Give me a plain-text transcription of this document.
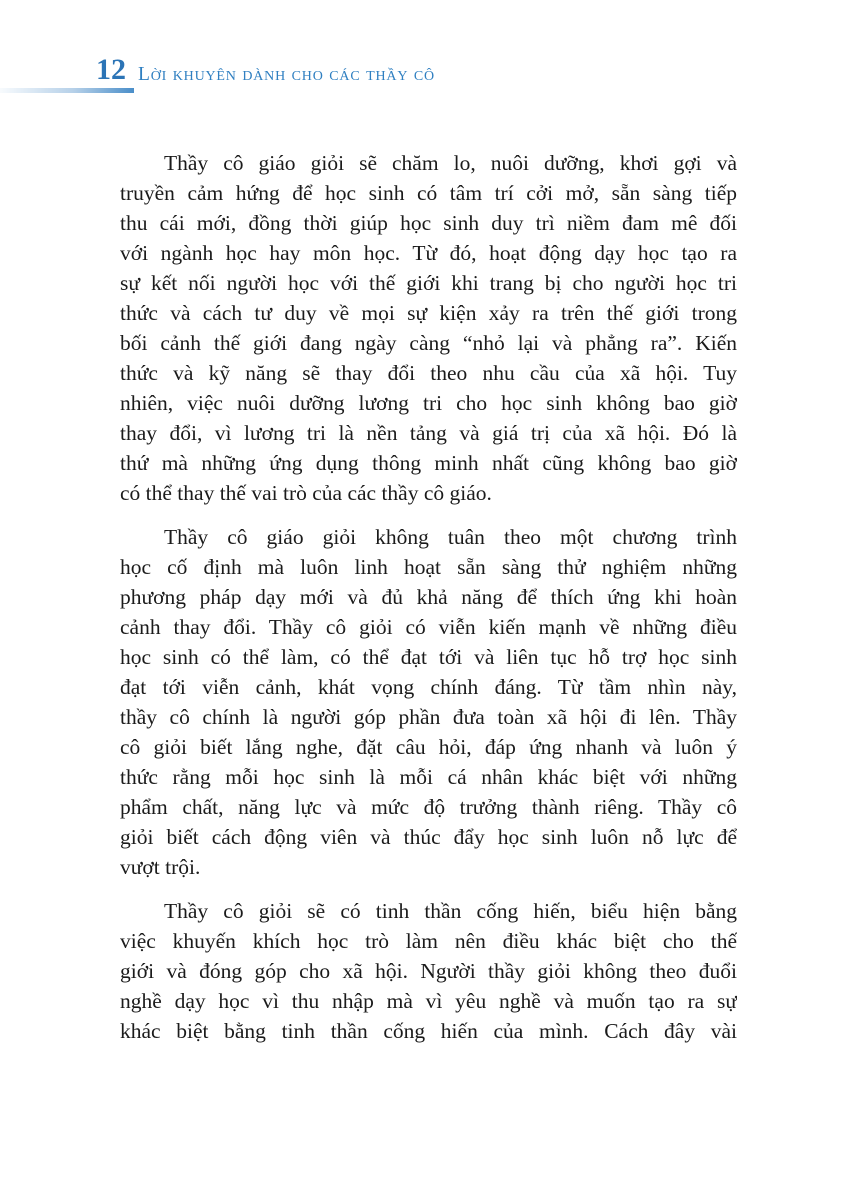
12 Lời khuyên dành cho các thầy cô
Thầy cô giáo giỏi sẽ chăm lo, nuôi dưỡng, khơi gợi và
truyền cảm hứng để học sinh có tâm trí cởi mở, sẵn sàng tiếp
thu cái mới, đồng thời giúp học sinh duy trì niềm đam mê đối
với ngành học hay môn học. Từ đó, hoạt động dạy học tạo ra
sự kết nối người học với thế giới khi trang bị cho người học tri
thức và cách tư duy về mọi sự kiện xảy ra trên thế giới trong
bối cảnh thế giới đang ngày càng “nhỏ lại và phẳng ra”. Kiến
thức và kỹ năng sẽ thay đổi theo nhu cầu của xã hội. Tuy
nhiên, việc nuôi dưỡng lương tri cho học sinh không bao giờ
thay đổi, vì lương tri là nền tảng và giá trị của xã hội. Đó là
thứ mà những ứng dụng thông minh nhất cũng không bao giờ
có thể thay thế vai trò của các thầy cô giáo.
Thầy cô giáo giỏi không tuân theo một chương trình
học cố định mà luôn linh hoạt sẵn sàng thử nghiệm những
phương pháp dạy mới và đủ khả năng để thích ứng khi hoàn
cảnh thay đổi. Thầy cô giỏi có viễn kiến mạnh về những điều
học sinh có thể làm, có thể đạt tới và liên tục hỗ trợ học sinh
đạt tới viễn cảnh, khát vọng chính đáng. Từ tầm nhìn này,
thầy cô chính là người góp phần đưa toàn xã hội đi lên. Thầy
cô giỏi biết lắng nghe, đặt câu hỏi, đáp ứng nhanh và luôn ý
thức rằng mỗi học sinh là mỗi cá nhân khác biệt với những
phẩm chất, năng lực và mức độ trưởng thành riêng. Thầy cô
giỏi biết cách động viên và thúc đẩy học sinh luôn nỗ lực để
vượt trội.
Thầy cô giỏi sẽ có tinh thần cống hiến, biểu hiện bằng
việc khuyến khích học trò làm nên điều khác biệt cho thế
giới và đóng góp cho xã hội. Người thầy giỏi không theo đuổi
nghề dạy học vì thu nhập mà vì yêu nghề và muốn tạo ra sự
khác biệt bằng tinh thần cống hiến của mình. Cách đây vài
